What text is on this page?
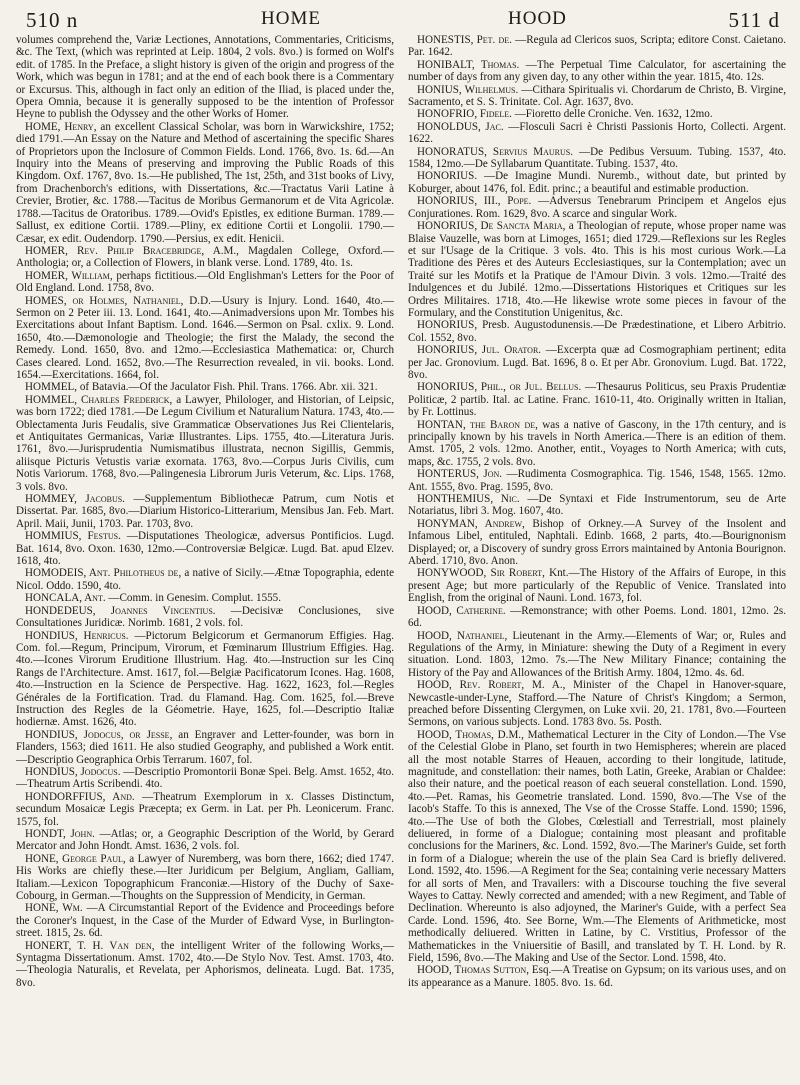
510 n	HOME	HOOD	511 d

volumes comprehend the, Variæ Lectiones, Annotations, Commentaries, Criticisms, &c. The Text, (which was reprinted at Leip. 1804, 2 vols. 8vo.) is formed on Wolf's edit. of 1785. In the Preface, a slight history is given of the origin and progress of the Work, which was begun in 1781; and at the end of each book there is a Commentary or Excursus. This, although in fact only an edition of the Iliad, is placed under the, Opera Omnia, because it is generally supposed to be the intention of Professor Heyne to publish the Odyssey and the other Works of Homer.

HOME, Henry, an excellent Classical Scholar, was born in Warwickshire, 1752; died 1791.—An Essay on the Nature and Method of ascertaining the specific Shares of Proprietors upon the Inclosure of Common Fields. Lond. 1766, 8vo. 1s. 6d.—An Inquiry into the Means of preserving and improving the Public Roads of this Kingdom. Oxf. 1767, 8vo. 1s.—He published, The 1st, 25th, and 31st books of Livy, from Drachenborch's editions, with Dissertations, &c.—Tractatus Varii Latine à Crevier, Brotier, &c. 1788.—Tacitus de Moribus Germanorum et de Vita Agricolæ. 1788.—Tacitus de Oratoribus. 1789.—Ovid's Epistles, ex editione Burman. 1789.—Sallust, ex editione Cortii. 1789.—Pliny, ex editione Cortii et Longolii. 1790.—Cæsar, ex edit. Oudendorp. 1790.—Persius, ex edit. Henicii.

HOMER, Rev. Philip Bracebridge, A.M., Magdalen College, Oxford.—Anthologia; or, a Collection of Flowers, in blank verse. Lond. 1789, 4to. 1s.

HOMER, William, perhaps fictitious.—Old Englishman's Letters for the Poor of Old England. Lond. 1758, 8vo.

HOMES, or Holmes, Nathaniel, D.D.—Usury is Injury. Lond. 1640, 4to.—Sermon on 2 Peter iii. 13. Lond. 1641, 4to.—Animadversions upon Mr. Tombes his Exercitations about Infant Baptism. Lond. 1646.—Sermon on Psal. cxlix. 9. Lond. 1650, 4to.—Dæmonologie and Theologie; the first the Malady, the second the Remedy. Lond. 1650, 8vo. and 12mo.—Ecclesiastica Mathematica: or, Church Cases cleared. Lond. 1652, 8vo.—The Resurrection revealed, in vii. books. Lond. 1654.—Exercitations. 1664, fol.

HOMMEL, of Batavia.—Of the Jaculator Fish. Phil. Trans. 1766. Abr. xii. 321.

HOMMEL, Charles Frederick, a Lawyer, Philologer, and Historian, of Leipsic, was born 1722; died 1781.—De Legum Civilium et Naturalium Natura. 1743, 4to.—Oblectamenta Juris Feudalis, sive Grammaticæ Observationes Jus Rei Clientelaris, et Antiquitates Germanicas, Variæ Illustrantes. Lips. 1755, 4to.—Literatura Juris. 1761, 8vo.—Jurisprudentia Numismatibus illustrata, necnon Sigillis, Gemmis, aliisque Picturis Vetustis variæ exornata. 1763, 8vo.—Corpus Juris Civilis, cum Notis Variorum. 1768, 8vo.—Palingenesia Librorum Juris Veterum, &c. Lips. 1768, 3 vols. 8vo.

HOMMEY, Jacobus. —Supplementum Bibliothecæ Patrum, cum Notis et Dissertat. Par. 1685, 8vo.—Diarium Historico-Litterarium, Mensibus Jan. Feb. Mart. April. Maii, Junii, 1703. Par. 1703, 8vo.

HOMMIUS, Festus. —Disputationes Theologicæ, adversus Pontificios. Lugd. Bat. 1614, 8vo. Oxon. 1630, 12mo.—Controversiæ Belgicæ. Lugd. Bat. apud Elzev. 1618, 4to.

HOMODEIS, Ant. Philotheus de, a native of Sicily.—Ætnæ Topographia, edente Nicol. Oddo. 1590, 4to.

HONCALA, Ant. —Comm. in Genesim. Complut. 1555.

HONDEDEUS, Joannes Vincentius. —Decisivæ Conclusiones, sive Consultationes Juridicæ. Norimb. 1681, 2 vols. fol.

HONDIUS, Henricus. —Pictorum Belgicorum et Germanorum Effigies. Hag. Com. fol.—Regum, Principum, Virorum, et Fœminarum Illustrium Effigies. Hag. 4to.—Icones Virorum Eruditione Illustrium. Hag. 4to.—Instruction sur les Cinq Rangs de l'Architecture. Amst. 1617, fol.—Belgiæ Pacificatorum Icones. Hag. 1608, 4to.—Instruction en la Science de Perspective. Hag. 1622, 1623, fol.—Regles Générales de la Fortification. Trad. du Flamand. Hag. Com. 1625, fol.—Breve Instruction des Regles de la Géometrie. Haye, 1625, fol.—Descriptio Italiæ hodiernæ. Amst. 1626, 4to.

HONDIUS, Jodocus, or Jesse, an Engraver and Letter-founder, was born in Flanders, 1563; died 1611. He also studied Geography, and published a Work entit.—Descriptio Geographica Orbis Terrarum. 1607, fol.

HONDIUS, Jodocus. —Descriptio Promontorii Bonæ Spei. Belg. Amst. 1652, 4to.—Theatrum Artis Scribendi. 4to.

HONDORFFIUS, And. —Theatrum Exemplorum in x. Classes Distinctum, secundum Mosaicæ Legis Præcepta; ex Germ. in Lat. per Ph. Leonicerum. Franc. 1575, fol.

HONDT, John. —Atlas; or, a Geographic Description of the World, by Gerard Mercator and John Hondt. Amst. 1636, 2 vols. fol.

HONE, George Paul, a Lawyer of Nuremberg, was born there, 1662; died 1747. His Works are chiefly these.—Iter Juridicum per Belgium, Angliam, Galliam, Italiam.—Lexicon Topographicum Franconiæ.—History of the Duchy of Saxe-Cobourg, in German.—Thoughts on the Suppression of Mendicity, in German.

HONE, Wm. —A Circumstantial Report of the Evidence and Proceedings before the Coroner's Inquest, in the Case of the Murder of Edward Vyse, in Burlington-street. 1815, 2s. 6d.

HONERT, T. H. Van den, the intelligent Writer of the following Works,—Syntagma Dissertationum. Amst. 1702, 4to.—De Stylo Nov. Test. Amst. 1703, 4to.—Theologia Naturalis, et Revelata, per Aphorismos, delineata. Lugd. Bat. 1735, 8vo.

HONESTIS, Pet. de. —Regula ad Clericos suos, Scripta; editore Const. Caietano. Par. 1642.

HONIBALT, Thomas. —The Perpetual Time Calculator, for ascertaining the number of days from any given day, to any other within the year. 1815, 4to. 12s.

HONIUS, Wilhelmus. —Cithara Spiritualis vi. Chordarum de Christo, B. Virgine, Sacramento, et S. S. Trinitate. Col. Agr. 1637, 8vo.

HONOFRIO, Fidele. —Fioretto delle Croniche. Ven. 1632, 12mo.

HONOLDUS, Jac. —Flosculi Sacri è Christi Passionis Horto, Collecti. Argent. 1622.

HONORATUS, Servius Maurus. —De Pedibus Versuum. Tubing. 1537, 4to. 1584, 12mo.—De Syllabarum Quantitate. Tubing. 1537, 4to.

HONORIUS. —De Imagine Mundi. Nuremb., without date, but printed by Koburger, about 1476, fol. Edit. princ.; a beautiful and estimable production.

HONORIUS, III., Pope. —Adversus Tenebrarum Principem et Angelos ejus Conjurationes. Rom. 1629, 8vo. A scarce and singular Work.

HONORIUS, De Sancta Maria, a Theologian of repute, whose proper name was Blaise Vauzelle, was born at Limoges, 1651; died 1729.—Reflexions sur les Regles et sur l'Usage de la Critique. 3 vols. 4to. This is his most curious Work.—La Traditione des Pères et des Auteurs Ecclesiastiques, sur la Contemplation; avec un Traité sur les Motifs et la Pratique de l'Amour Divin. 3 vols. 12mo.—Traité des Indulgences et du Jubilé. 12mo.—Dissertations Historiques et Critiques sur les Ordres Militaires. 1718, 4to.—He likewise wrote some pieces in favour of the Formulary, and the Constitution Unigenitus, &c.

HONORIUS, Presb. Augustodunensis.—De Prædestinatione, et Libero Arbitrio. Col. 1552, 8vo.

HONORIUS, Jul. Orator. —Excerpta quæ ad Cosmographiam pertinent; edita per Jac. Gronovium. Lugd. Bat. 1696, 8 o. Et per Abr. Gronovium. Lugd. Bat. 1722, 8vo.

HONORIUS, Phil., or Jul. Bellus. —Thesaurus Politicus, seu Praxis Prudentiæ Politicæ, 2 partib. Ital. ac Latine. Franc. 1610-11, 4to. Originally written in Italian, by Fr. Lottinus.

HONTAN, the Baron de, was a native of Gascony, in the 17th century, and is principally known by his travels in North America.—There is an edition of them. Amst. 1705, 2 vols. 12mo. Another, entit., Voyages to North America; with cuts, maps, &c. 1755, 2 vols. 8vo.

HONTERUS, Jon. —Rudimenta Cosmographica. Tig. 1546, 1548, 1565. 12mo. Ant. 1555, 8vo. Prag. 1595, 8vo.

HONTHEMIUS, Nic. —De Syntaxi et Fide Instrumentorum, seu de Arte Notariatus, libri 3. Mog. 1607, 4to.

HONYMAN, Andrew, Bishop of Orkney.—A Survey of the Insolent and Infamous Libel, entituled, Naphtali. Edinb. 1668, 2 parts, 4to.—Bourignonism Displayed; or, a Discovery of sundry gross Errors maintained by Antonia Bourignon. Aberd. 1710, 8vo. Anon.

HONYWOOD, Sir Robert, Knt.—The History of the Affairs of Europe, in this present Age; but more particularly of the Republic of Venice. Translated into English, from the original of Nauni. Lond. 1673, fol.

HOOD, Catherine. —Remonstrance; with other Poems. Lond. 1801, 12mo. 2s. 6d.

HOOD, Nathaniel, Lieutenant in the Army.—Elements of War; or, Rules and Regulations of the Army, in Miniature: shewing the Duty of a Regiment in every situation. Lond. 1803, 12mo. 7s.—The New Military Finance; containing the History of the Pay and Allowances of the British Army. 1804, 12mo. 4s. 6d.

HOOD, Rev. Robert, M. A., Minister of the Chapel in Hanover-square, Newcastle-under-Lyne, Stafford.—The Nature of Christ's Kingdom; a Sermon, preached before Dissenting Clergymen, on Luke xvii. 20, 21. 1781, 8vo.—Fourteen Sermons, on various subjects. Lond. 1783 8vo. 5s. Posth.

HOOD, Thomas, D.M., Mathematical Lecturer in the City of London.—The Vse of the Celestial Globe in Plano, set fourth in two Hemispheres; wherein are placed all the most notable Starres of Heauen, according to their longitude, latitude, magnitude, and constellation: their names, both Latin, Greeke, Arabian or Chaldee: also their nature, and the poetical reason of each seueral constellation. Lond. 1590, 4to.—Pet. Ramas, his Geometrie translated. Lond. 1590, 8vo.—The Vse of the Iacob's Staffe. To this is annexed, The Vse of the Crosse Staffe. Lond. 1590; 1596, 4to.—The Use of both the Globes, Cœlestiall and Terrestriall, most plainely deliuered, in forme of a Dialogue; containing most pleasant and profitable conclusions for the Mariners, &c. Lond. 1592, 8vo.—The Mariner's Guide, set forth in form of a Dialogue; wherein the use of the plain Sea Card is briefly delivered. Lond. 1592, 4to. 1596.—A Regiment for the Sea; containing verie necessary Matters for all sorts of Men, and Travailers: with a Discourse touching the five several Wayes to Cattay. Newly corrected and amended; with a new Regiment, and Table of Declination. Whereunto is also adjoyned, the Mariner's Guide, with a perfect Sea Carde. Lond. 1596, 4to. See Borne, Wm.—The Elements of Arithmeticke, most methodically deliuered. Written in Latine, by C. Vrstitius, Professor of the Mathematickes in the Vniuersitie of Basill, and translated by T. H. Lond. by R. Field, 1596, 8vo.—The Making and Use of the Sector. Lond. 1598, 4to.

HOOD, Thomas Sutton, Esq.—A Treatise on Gypsum; on its various uses, and on its appearance as a Manure. 1805. 8vo. 1s. 6d.
